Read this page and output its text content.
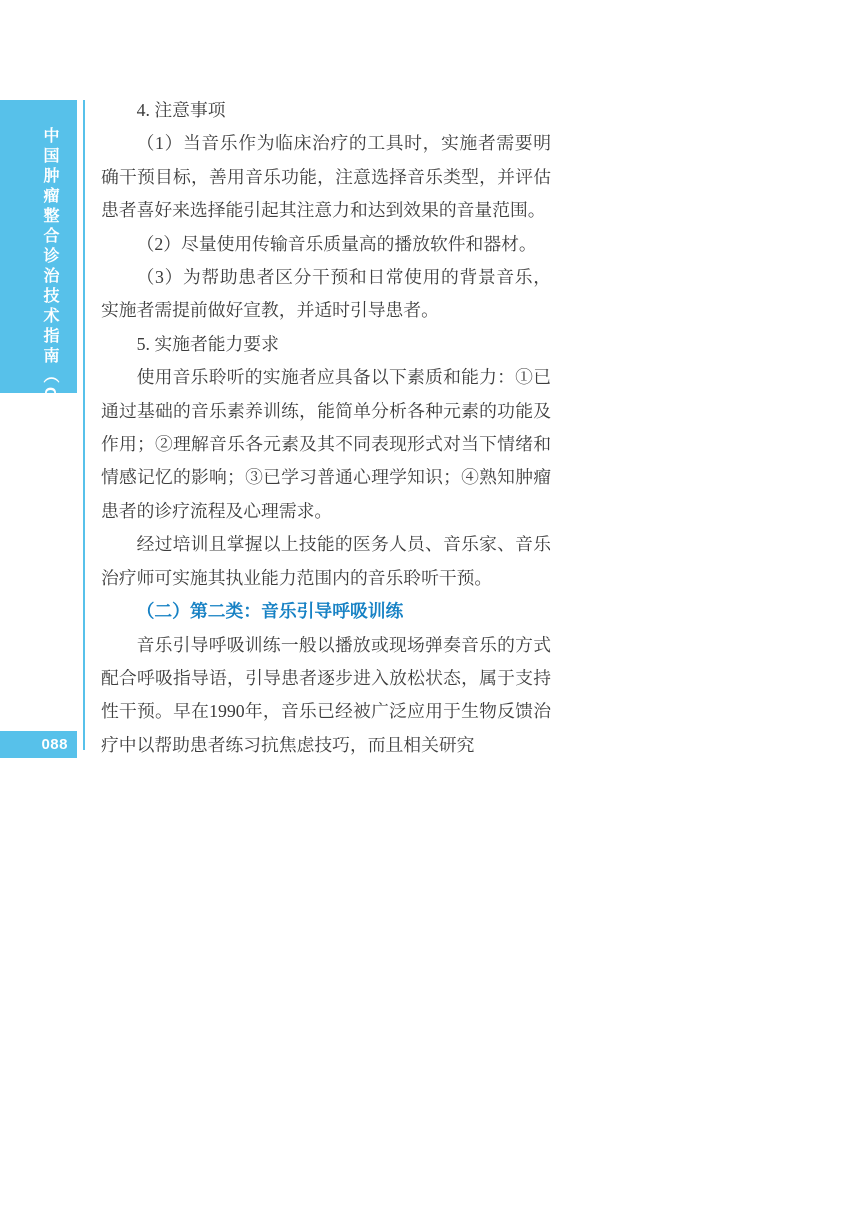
中国肿瘤整合诊治技术指南（CACA）
088

4. 注意事项

（1）当音乐作为临床治疗的工具时，实施者需要明确干预目标，善用音乐功能，注意选择音乐类型，并评估患者喜好来选择能引起其注意力和达到效果的音量范围。

（2）尽量使用传输音乐质量高的播放软件和器材。

（3）为帮助患者区分干预和日常使用的背景音乐，实施者需提前做好宣教，并适时引导患者。

5. 实施者能力要求

使用音乐聆听的实施者应具备以下素质和能力：①已通过基础的音乐素养训练，能简单分析各种元素的功能及作用；②理解音乐各元素及其不同表现形式对当下情绪和情感记忆的影响；③已学习普通心理学知识；④熟知肿瘤患者的诊疗流程及心理需求。

经过培训且掌握以上技能的医务人员、音乐家、音乐治疗师可实施其执业能力范围内的音乐聆听干预。

（二）第二类：音乐引导呼吸训练

音乐引导呼吸训练一般以播放或现场弹奏音乐的方式配合呼吸指导语，引导患者逐步进入放松状态，属于支持性干预。早在1990年，音乐已经被广泛应用于生物反馈治疗中以帮助患者练习抗焦虑技巧，而且相关研究
